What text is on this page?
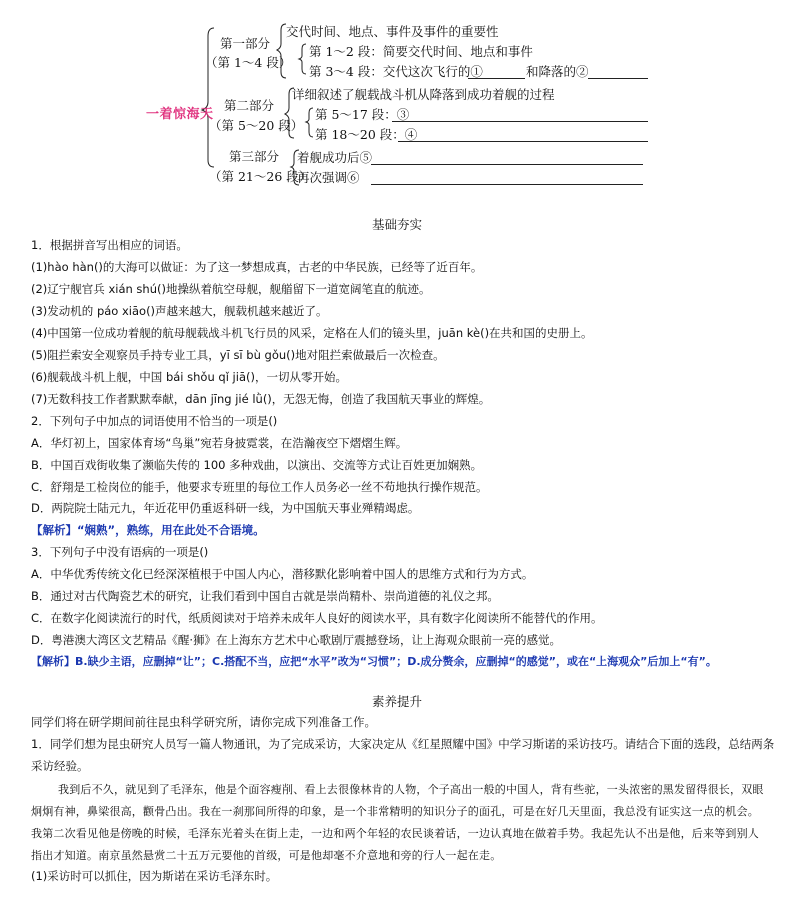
一着惊海天
第一部分
（第 1～4 段）
交代时间、地点、事件及事件的重要性
第 1～2 段：简要交代时间、地点和事件
第 3～4 段：交代这次飞行的①	和降落的②
第二部分
（第 5～20 段）
详细叙述了舰载战斗机从降落到成功着舰的过程
第 5～17 段：③
第 18～20 段：④
第三部分
（第 21～26 段）
着舰成功后⑤
再次强调⑥
基础夯实
1．根据拼音写出相应的词语。
(1)hào hàn()的大海可以做证：为了这一梦想成真，古老的中华民族，已经等了近百年。
(2)辽宁舰官兵 xián shú()地操纵着航空母舰，舰艏留下一道宽阔笔直的航迹。
(3)发动机的 páo xiāo()声越来越大，舰载机越来越近了。
(4)中国第一位成功着舰的航母舰载战斗机飞行员的风采，定格在人们的镜头里，juān kè()在共和国的史册上。
(5)阻拦索安全观察员手持专业工具，yī sī bù gǒu()地对阻拦索做最后一次检查。
(6)舰载战斗机上舰，中国 bái shǒu qǐ jiā()，一切从零开始。
(7)无数科技工作者默默奉献，dān jīng jié lǜ()，无怨无悔，创造了我国航天事业的辉煌。
2．下列句子中加点的词语使用不恰当的一项是()
A．华灯初上，国家体育场“鸟巢”宛若身披霓裳，在浩瀚夜空下熠熠生辉。
B．中国百戏街收集了濒临失传的 100 多种戏曲，以演出、交流等方式让百姓更加娴熟。
C．舒翔是工检岗位的能手，他要求专班里的每位工作人员务必一丝不苟地执行操作规范。
D．两院院士陆元九，年近花甲仍重返科研一线，为中国航天事业殚精竭虑。
【解析】“娴熟”，熟练，用在此处不合语境。
3．下列句子中没有语病的一项是()
A．中华优秀传统文化已经深深植根于中国人内心，潜移默化影响着中国人的思维方式和行为方式。
B．通过对古代陶瓷艺术的研究，让我们看到中国自古就是崇尚精朴、崇尚道德的礼仪之邦。
C．在数字化阅读流行的时代，纸质阅读对于培养未成年人良好的阅读水平，具有数字化阅读所不能替代的作用。
D．粤港澳大湾区文艺精品《醒·狮》在上海东方艺术中心歌剧厅震撼登场，让上海观众眼前一亮的感觉。
【解析】B.缺少主语，应删掉“让”；C.搭配不当，应把“水平”改为“习惯”；D.成分赘余，应删掉“的感觉”，或在“上海观众”后加上“有”。
素养提升
同学们将在研学期间前往昆虫科学研究所，请你完成下列准备工作。
1．同学们想为昆虫研究人员写一篇人物通讯，为了完成采访，大家决定从《红星照耀中国》中学习斯诺的采访技巧。请结合下面的选段，总结两条
采访经验。
我到后不久，就见到了毛泽东，他是个面容瘦削、看上去很像林肯的人物，个子高出一般的中国人，背有些驼，一头浓密的黑发留得很长，双眼
炯炯有神，鼻梁很高，颧骨凸出。我在一刹那间所得的印象，是一个非常精明的知识分子的面孔，可是在好几天里面，我总没有证实这一点的机会。
我第二次看见他是傍晚的时候，毛泽东光着头在街上走，一边和两个年轻的农民谈着话，一边认真地在做着手势。我起先认不出是他，后来等到别人
指出才知道。南京虽然悬赏二十五万元要他的首级，可是他却毫不介意地和旁的行人一起在走。
(1)采访时可以抓住，因为斯诺在采访毛泽东时。
